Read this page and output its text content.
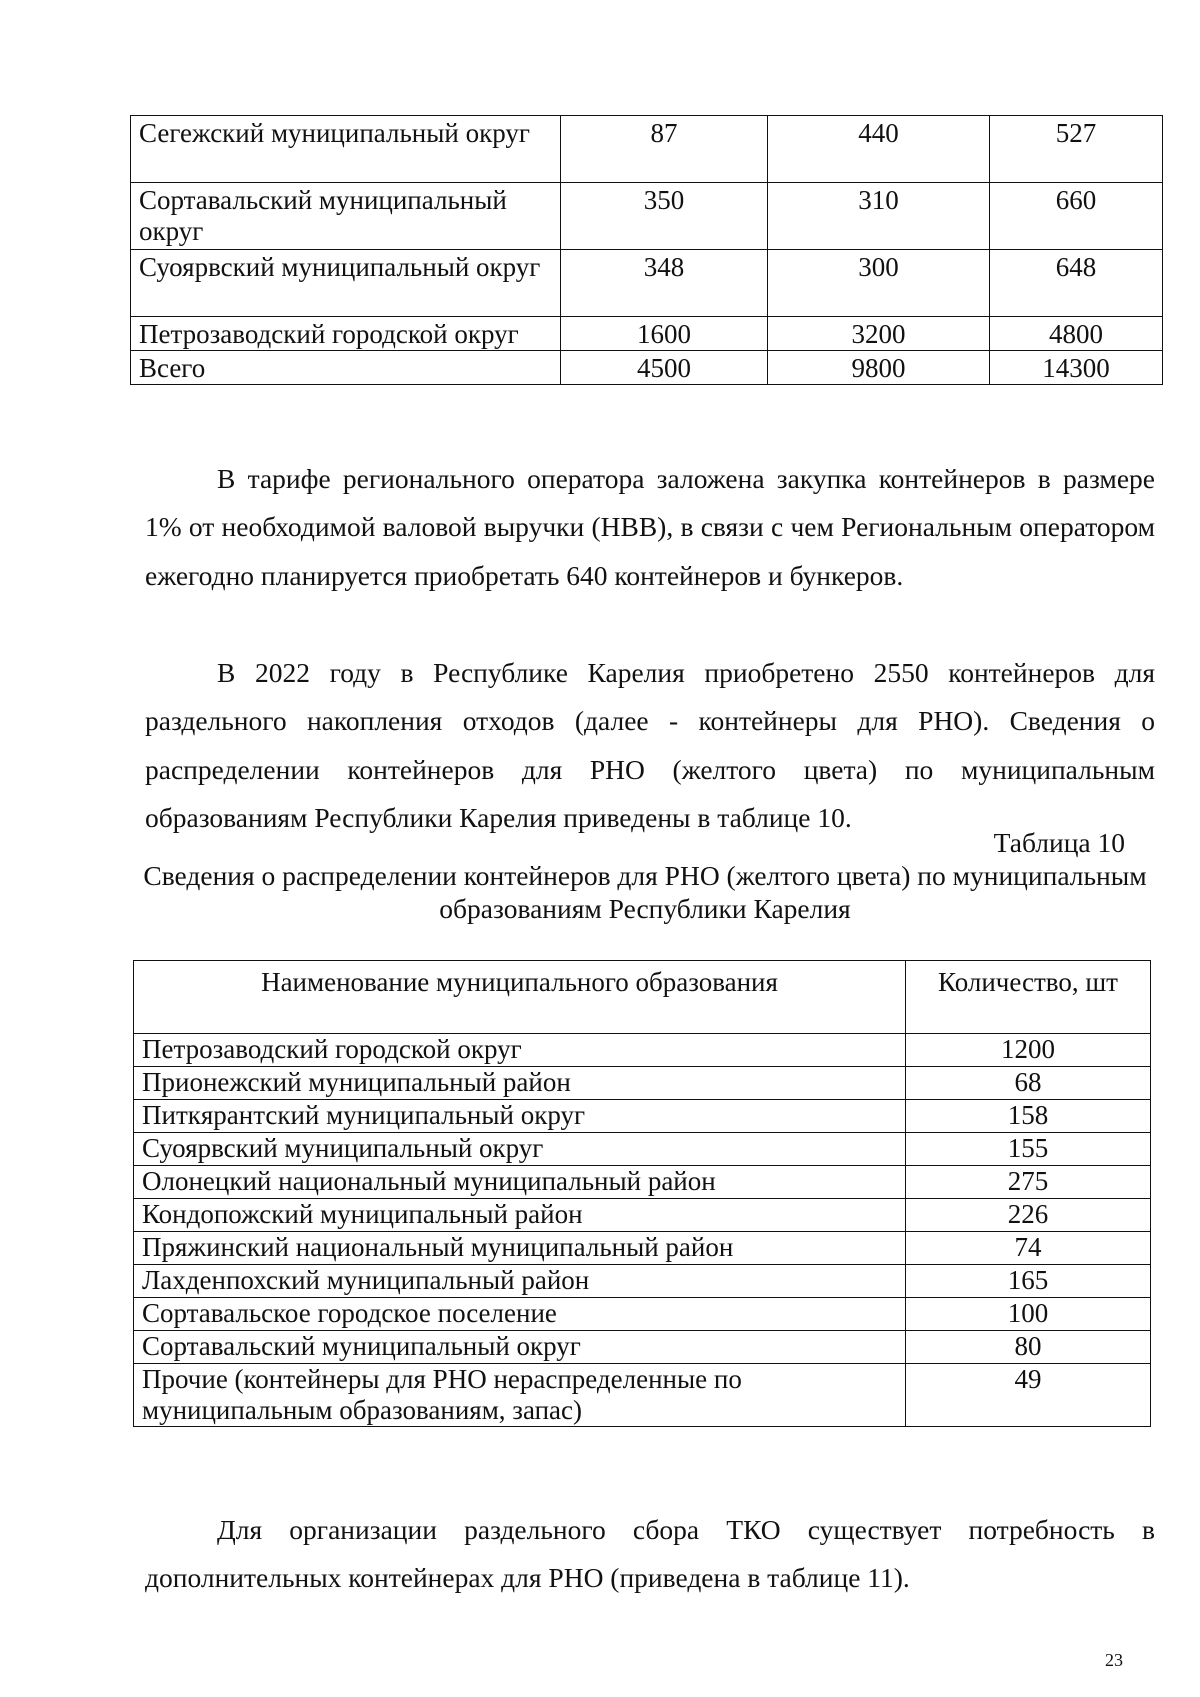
Сегежский муниципальный округ	87	440	527
Сортавальский муниципальный округ	350	310	660
Суоярвский муниципальный округ	348	300	648
Петрозаводский городской округ	1600	3200	4800
Всего	4500	9800	14300

В тарифе регионального оператора заложена закупка контейнеров в размере 1% от необходимой валовой выручки (НВВ), в связи с чем Региональным оператором ежегодно планируется приобретать 640 контейнеров и бункеров.

В 2022 году в Республике Карелия приобретено 2550 контейнеров для раздельного накопления отходов (далее - контейнеры для РНО). Сведения о распределении контейнеров для РНО (желтого цвета) по муниципальным образованиям Республики Карелия приведены в таблице 10.

Таблица 10
Сведения о распределении контейнеров для РНО (желтого цвета) по муниципальным образованиям Республики Карелия
Наименование муниципального образования	Количество, шт
Петрозаводский городской округ	1200
Прионежский муниципальный район	68
Питкярантский муниципальный округ	158
Суоярвский муниципальный округ	155
Олонецкий национальный муниципальный район	275
Кондопожский муниципальный район	226
Пряжинский национальный муниципальный район	74
Лахденпохский муниципальный район	165
Сортавальское городское поселение	100
Сортавальский муниципальный округ	80
Прочие (контейнеры для РНО нераспределенные по муниципальным образованиям, запас)	49

Для организации раздельного сбора ТКО существует потребность в дополнительных контейнерах для РНО (приведена в таблице 11).

23
